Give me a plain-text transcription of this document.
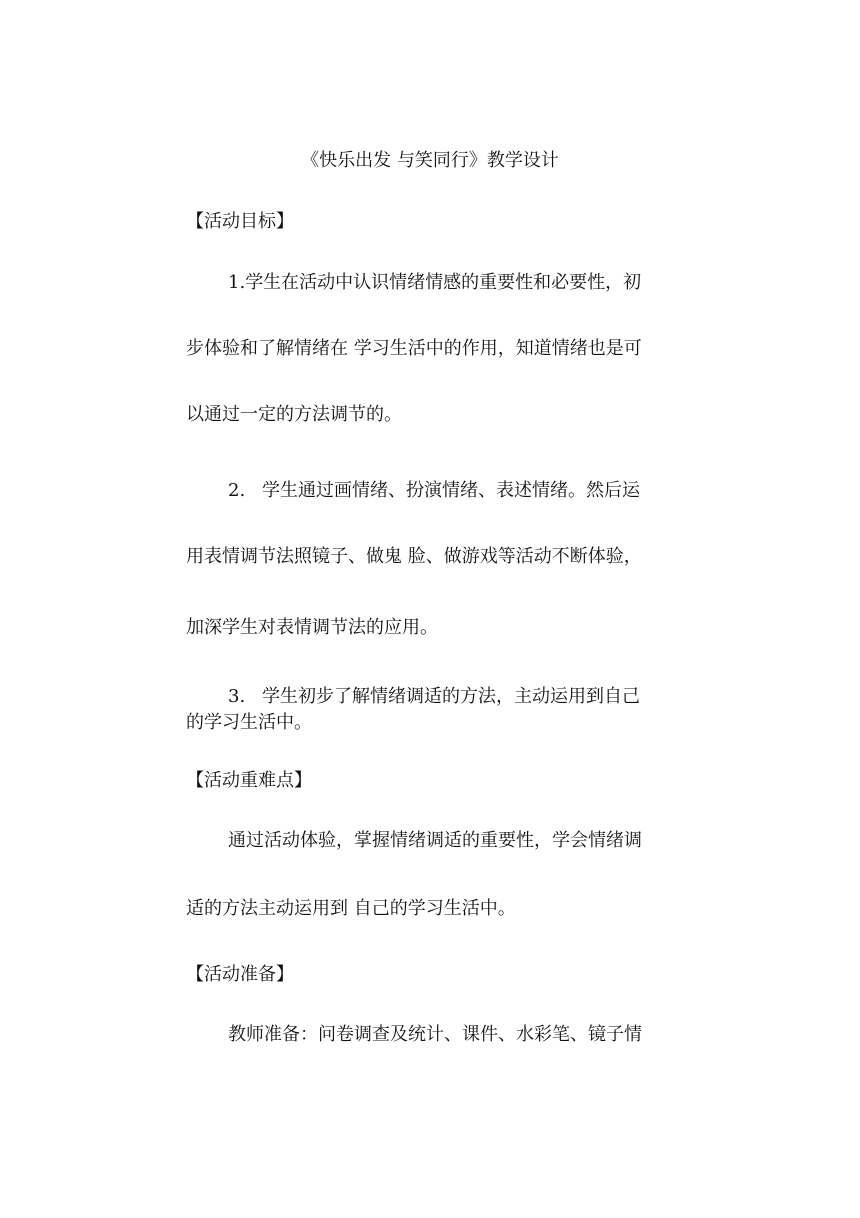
《快乐出发 与笑同行》教学设计
【活动目标】
1.学生在活动中认识情绪情感的重要性和必要性，初
步体验和了解情绪在 学习生活中的作用，知道情绪也是可
以通过一定的方法调节的。
2. 学生通过画情绪、扮演情绪、表述情绪。然后运
用表情调节法照镜子、做鬼 脸、做游戏等活动不断体验，
加深学生对表情调节法的应用。
3. 学生初步了解情绪调适的方法，主动运用到自己
的学习生活中。
【活动重难点】
通过活动体验，掌握情绪调适的重要性，学会情绪调
适的方法主动运用到 自己的学习生活中。
【活动准备】
教师准备：问卷调查及统计、课件、水彩笔、镜子情
